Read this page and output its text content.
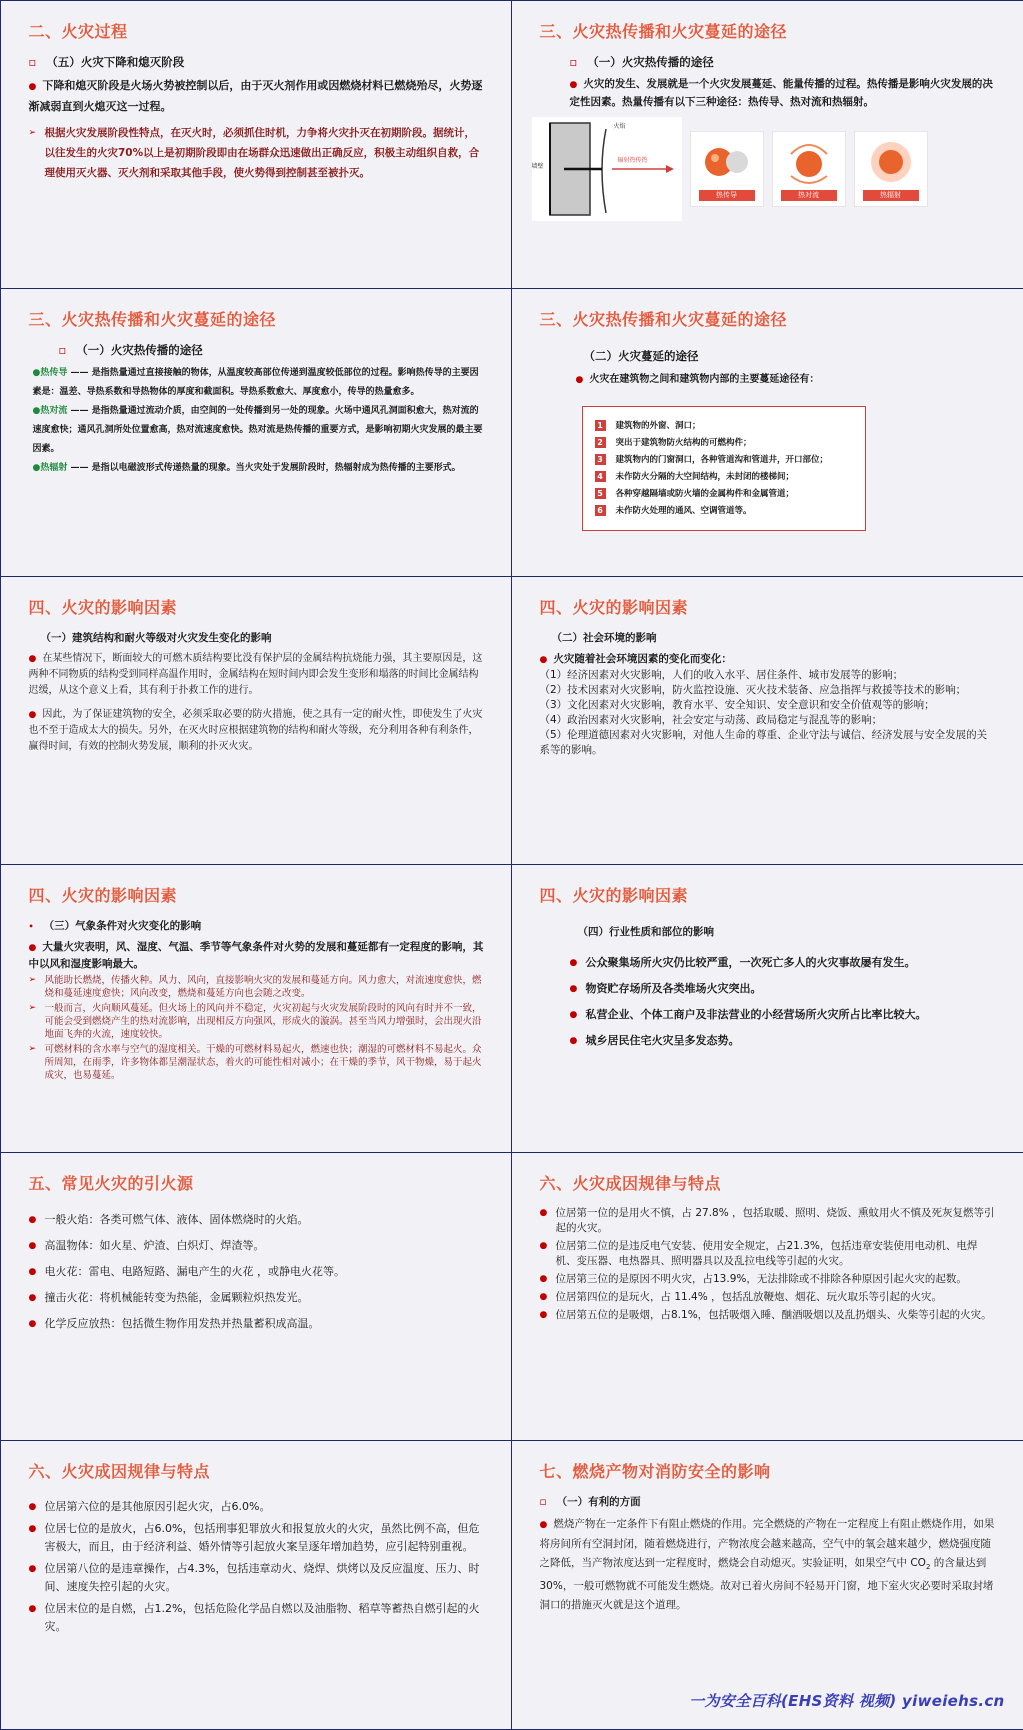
二、火灾过程
▫ （五）火灾下降和熄灭阶段

● 下降和熄灭阶段是火场火势被控制以后，由于灭火剂作用或因燃烧材料已燃烧殆尽，火势逐渐减弱直到火熄灭这一过程。

➢ 根据火灾发展阶段性特点，在灭火时，必须抓住时机，力争将火灾扑灭在初期阶段。据统计，以往发生的火灾70%以上是初期阶段即由在场群众迅速做出正确反应，积极主动组织自救，合理使用灭火器、灭火剂和采取其他手段，使火势得到控制甚至被扑灭。

三、火灾热传播和火灾蔓延的途径
▫ （一）火灾热传播的途径

● 火灾的发生、发展就是一个火灾发展蔓延、能量传播的过程。热传播是影响火灾发展的决定性因素。热量传播有以下三种途径：热传导、热对流和热辐射。

墙壁
火焰
辐射热传热
热传导	热对流	热辐射
三、火灾热传播和火灾蔓延的途径
▫ （一）火灾热传播的途径
●热传导 —— 是指热量通过直接接触的物体，从温度较高部位传递到温度较低部位的过程。影响热传导的主要因素是：温差、导热系数和导热物体的厚度和截面积。导热系数愈大、厚度愈小，传导的热量愈多。
●热对流 —— 是指热量通过流动介质，由空间的一处传播到另一处的现象。火场中通风孔洞面积愈大，热对流的速度愈快；通风孔洞所处位置愈高，热对流速度愈快。热对流是热传播的重要方式，是影响初期火灾发展的最主要因素。
●热辐射 —— 是指以电磁波形式传递热量的现象。当火灾处于发展阶段时，热辐射成为热传播的主要形式。
三、火灾热传播和火灾蔓延的途径
（二）火灾蔓延的途径

● 火灾在建筑物之间和建筑物内部的主要蔓延途径有：

1	建筑物的外窗、洞口；
2	突出于建筑物防火结构的可燃构件；
3	建筑物内的门窗洞口，各种管道沟和管道井，开口部位；
4	未作防火分隔的大空间结构，未封闭的楼梯间；
5	各种穿越隔墙或防火墙的金属构件和金属管道；
6	未作防火处理的通风、空调管道等。
四、火灾的影响因素
（一）建筑结构和耐火等级对火灾发生变化的影响

● 在某些情况下，断面较大的可燃木质结构要比没有保护层的金属结构抗烧能力强，其主要原因是，这两种不同物质的结构受到同样高温作用时，金属结构在短时间内即会发生变形和塌落的时间比金属结构迟缓，从这个意义上看，其有利于扑救工作的进行。

● 因此，为了保证建筑物的安全，必须采取必要的防火措施，使之具有一定的耐火性，即使发生了火灾也不至于造成太大的损失。另外，在灭火时应根据建筑物的结构和耐火等级，充分利用各种有利条件，赢得时间，有效的控制火势发展，顺利的扑灭火灾。

四、火灾的影响因素
（二）社会环境的影响
● 火灾随着社会环境因素的变化而变化：
（1）经济因素对火灾影响，人们的收入水平、居住条件、城市发展等的影响；
（2）技术因素对火灾影响，防火监控设施、灭火技术装备、应急指挥与救援等技术的影响；
（3）文化因素对火灾影响，教育水平、安全知识、安全意识和安全价值观等的影响；
（4）政治因素对火灾影响，社会安定与动荡、政局稳定与混乱等的影响；
（5）伦理道德因素对火灾影响，对他人生命的尊重、企业守法与诚信、经济发展与安全发展的关系等的影响。
四、火灾的影响因素
• （三）气象条件对火灾变化的影响

● 大量火灾表明，风、湿度、气温、季节等气象条件对火势的发展和蔓延都有一定程度的影响，其中以风和湿度影响最大。

➢ 风能助长燃烧，传播火种。风力、风向，直接影响火灾的发展和蔓延方向。风力愈大，对流速度愈快，燃烧和蔓延速度愈快；风向改变，燃烧和蔓延方向也会随之改变。
➢ 一般而言，火向顺风蔓延。但火场上的风向并不稳定，火灾初起与火灾发展阶段时的风向有时并不一致，可能会受到燃烧产生的热对流影响，出现相反方向强风，形成火的漩涡。甚至当风力增强时，会出现火沿地面飞奔的火流，速度较快。
➢ 可燃材料的含水率与空气的湿度相关。干燥的可燃材料易起火，燃速也快；潮湿的可燃材料不易起火。众所周知，在雨季，许多物体都呈潮湿状态，着火的可能性相对减小；在干燥的季节，风干物燥，易于起火成灾，也易蔓延。
四、火灾的影响因素
（四）行业性质和部位的影响
● 公众聚集场所火灾仍比较严重，一次死亡多人的火灾事故屡有发生。
● 物资贮存场所及各类堆场火灾突出。
● 私营企业、个体工商户及非法营业的小经营场所火灾所占比率比较大。
● 城乡居民住宅火灾呈多发态势。
五、常见火灾的引火源
● 一般火焰：各类可燃气体、液体、固体燃烧时的火焰。
● 高温物体：如火星、炉渣、白炽灯、焊渣等。
● 电火花：雷电、电路短路、漏电产生的火花 ，或静电火花等。
● 撞击火花：将机械能转变为热能，金属颗粒炽热发光。
● 化学反应放热：包括微生物作用发热并热量蓄积成高温。
六、火灾成因规律与特点
● 位居第一位的是用火不慎，占 27.8% ，包括取暖、照明、烧饭、熏蚊用火不慎及死灰复燃等引起的火灾。
● 位居第二位的是违反电气安装、使用安全规定，占21.3%，包括违章安装使用电动机、电焊机、变压器、电热器具、照明器具以及乱拉电线等引起的火灾。
● 位居第三位的是原因不明火灾，占13.9%，无法排除或不排除各种原因引起火灾的起数。
● 位居第四位的是玩火，占 11.4% ，包括乱放鞭炮、烟花、玩火取乐等引起的火灾。
● 位居第五位的是吸烟，占8.1%，包括吸烟入睡、酗酒吸烟以及乱扔烟头、火柴等引起的火灾。
六、火灾成因规律与特点
● 位居第六位的是其他原因引起火灾，占6.0%。
● 位居七位的是放火，占6.0%，包括刑事犯罪放火和报复放火的火灾，虽然比例不高，但危害极大，而且，由于经济利益、婚外情等引起放火案呈逐年增加趋势，应引起特别重视。
● 位居第八位的是违章操作，占4.3%，包括违章动火、烧焊、烘烤以及反应温度、压力、时间、速度失控引起的火灾。
● 位居末位的是自燃，占1.2%，包括危险化学品自燃以及油脂物、稻草等蓄热自燃引起的火灾。
七、燃烧产物对消防安全的影响
▫ （一）有利的方面

● 燃烧产物在一定条件下有阻止燃烧的作用。完全燃烧的产物在一定程度上有阻止燃烧作用，如果将房间所有空洞封闭，随着燃烧进行，产物浓度会越来越高，空气中的氧会越来越少，燃烧强度随之降低，当产物浓度达到一定程度时，燃烧会自动熄灭。实验证明，如果空气中 $CO_2$ 的含量达到 30%，一般可燃物就不可能发生燃烧。故对已着火房间不轻易开门窗，地下室火灾必要时采取封堵洞口的措施灭火就是这个道理。

一为安全百科(EHS资料 视频) yiweiehs.cn
